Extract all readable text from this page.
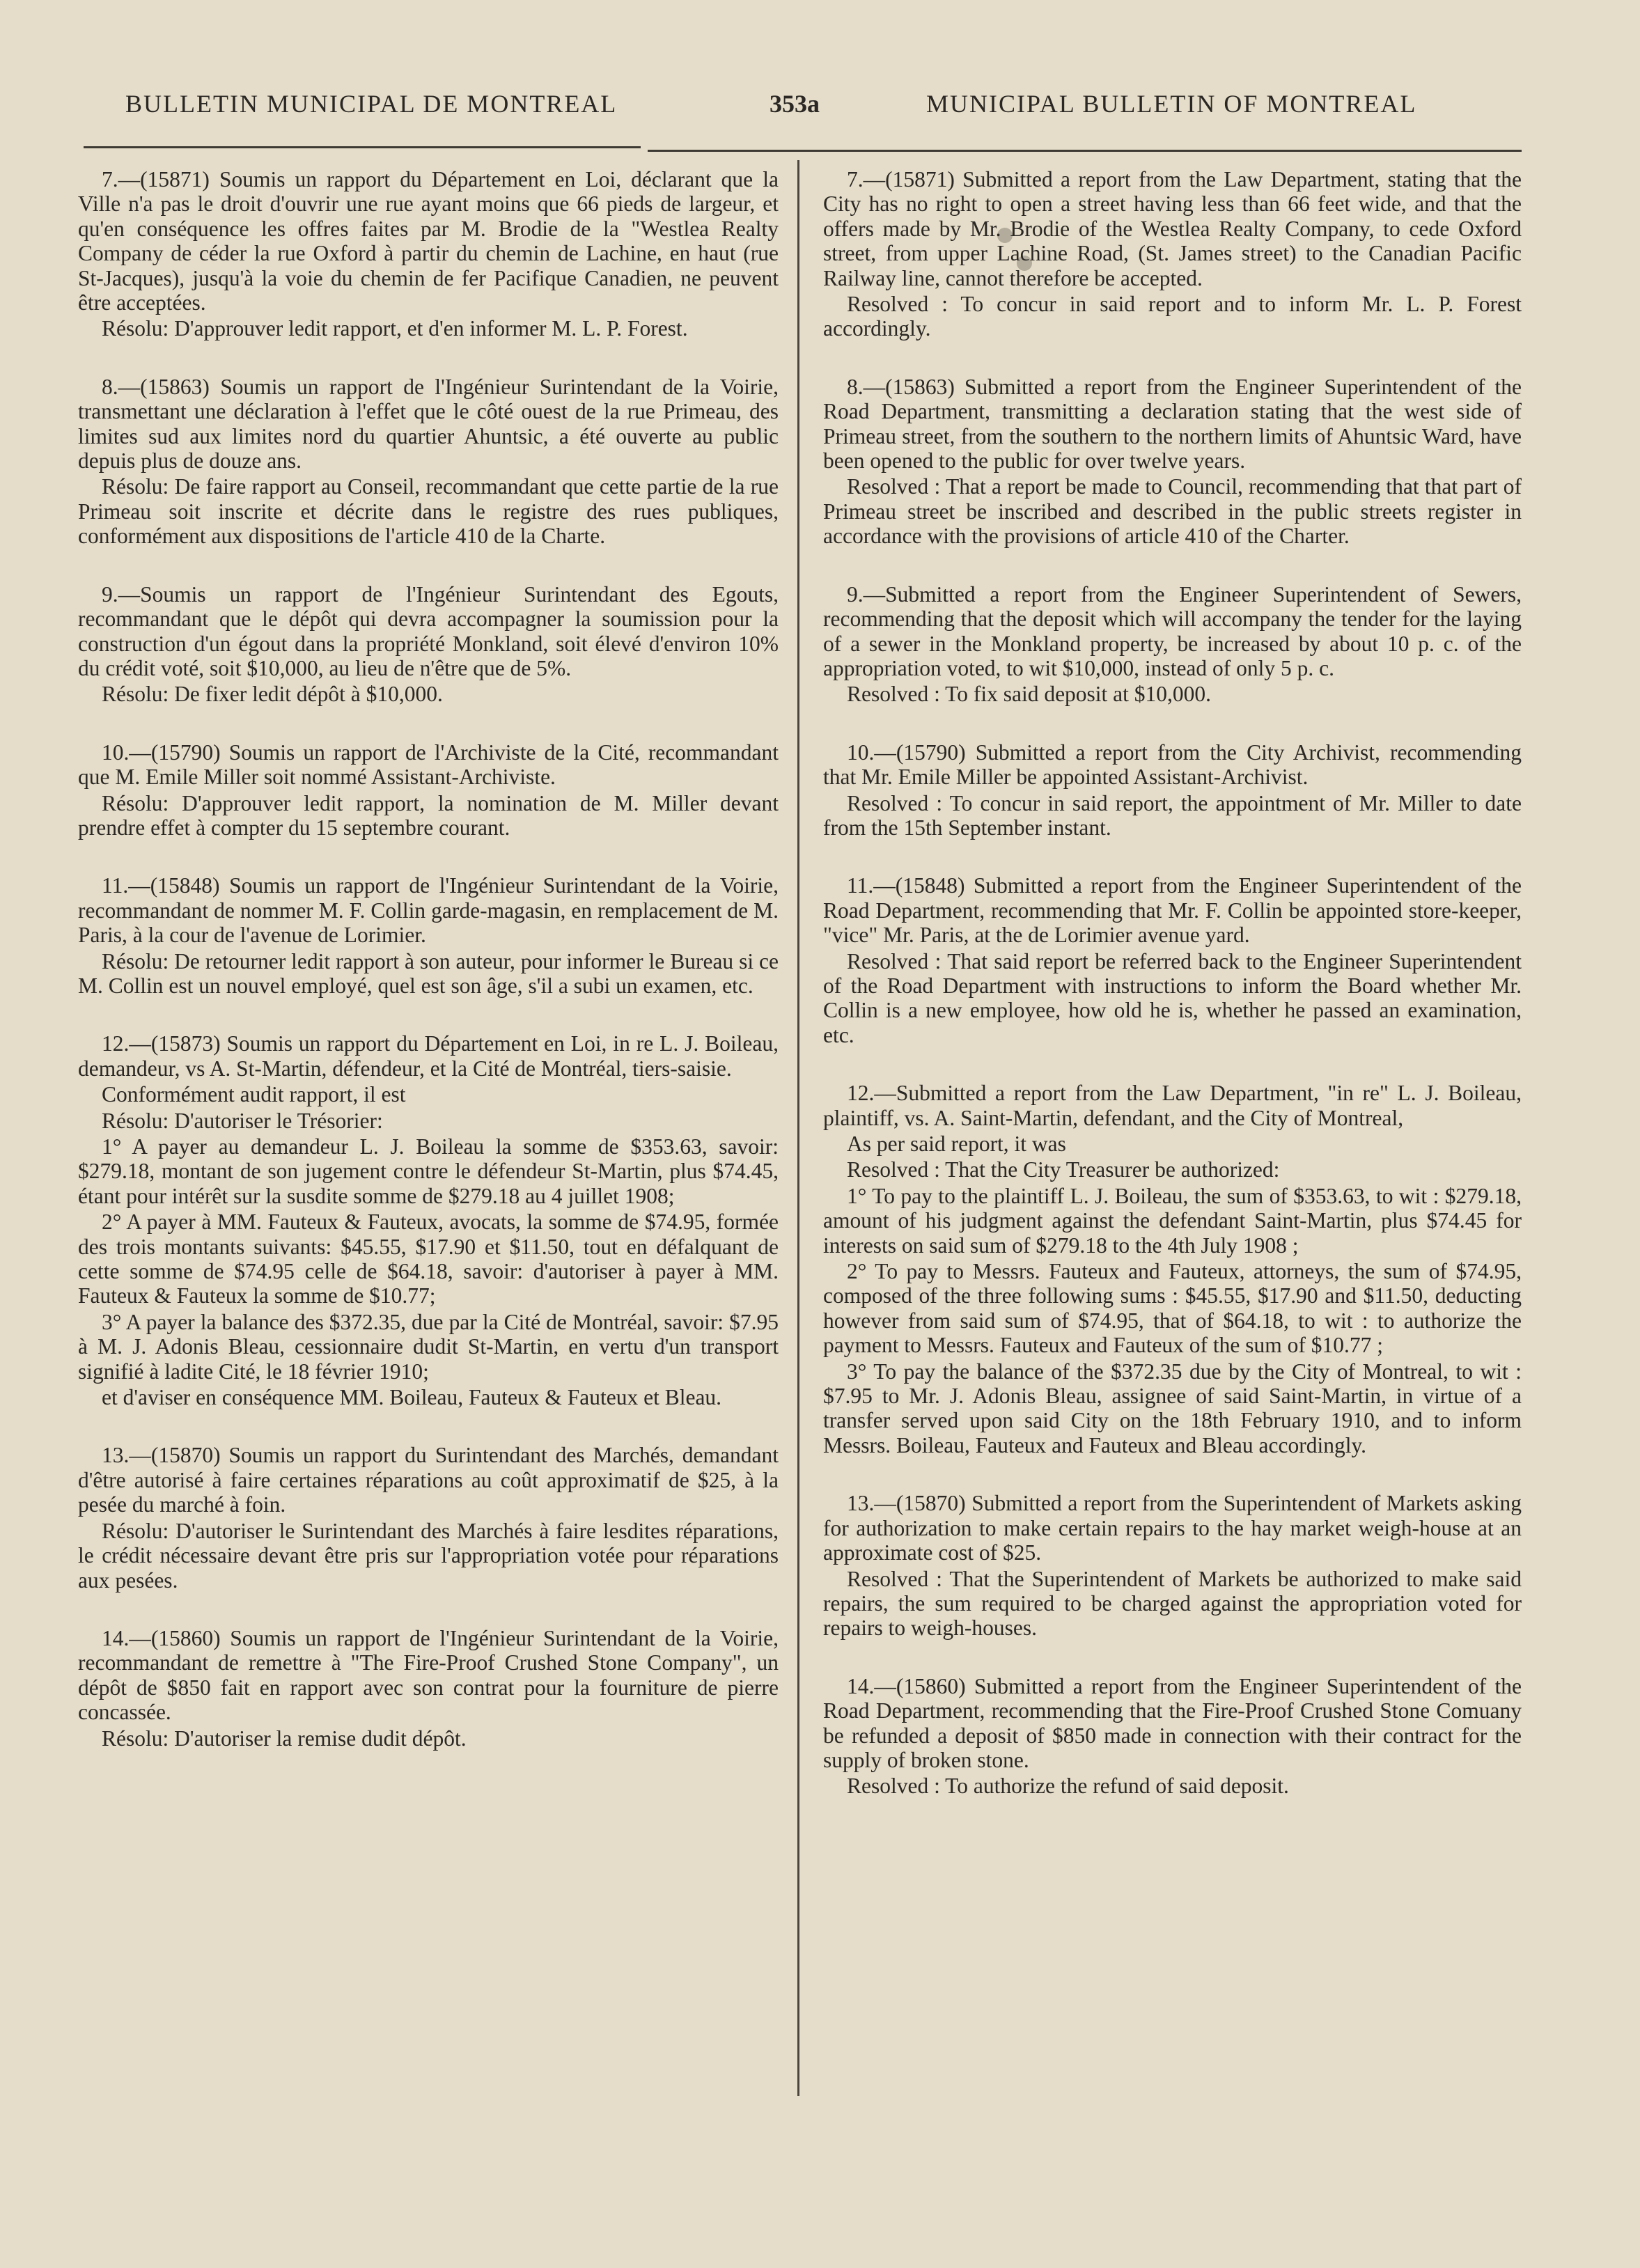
BULLETIN MUNICIPAL DE MONTREAL	353a	MUNICIPAL BULLETIN OF MONTREAL

7.—(15871) Soumis un rapport du Département en Loi, déclarant que la Ville n'a pas le droit d'ouvrir une rue ayant moins que 66 pieds de largeur, et qu'en conséquence les offres faites par M. Brodie de la "Westlea Realty Company de céder la rue Oxford à partir du chemin de Lachine, en haut (rue St-Jacques), jusqu'à la voie du chemin de fer Pacifique Canadien, ne peuvent être acceptées.

Résolu: D'approuver ledit rapport, et d'en informer M. L. P. Forest.

8.—(15863) Soumis un rapport de l'Ingénieur Surintendant de la Voirie, transmettant une déclaration à l'effet que le côté ouest de la rue Primeau, des limites sud aux limites nord du quartier Ahuntsic, a été ouverte au public depuis plus de douze ans.

Résolu: De faire rapport au Conseil, recommandant que cette partie de la rue Primeau soit inscrite et décrite dans le registre des rues publiques, conformément aux dispositions de l'article 410 de la Charte.

9.—Soumis un rapport de l'Ingénieur Surintendant des Egouts, recommandant que le dépôt qui devra accompagner la soumission pour la construction d'un égout dans la propriété Monkland, soit élevé d'environ 10% du crédit voté, soit $10,000, au lieu de n'être que de 5%.

Résolu: De fixer ledit dépôt à $10,000.

10.—(15790) Soumis un rapport de l'Archiviste de la Cité, recommandant que M. Emile Miller soit nommé Assistant-Archiviste.

Résolu: D'approuver ledit rapport, la nomination de M. Miller devant prendre effet à compter du 15 septembre courant.

11.—(15848) Soumis un rapport de l'Ingénieur Surintendant de la Voirie, recommandant de nommer M. F. Collin garde-magasin, en remplacement de M. Paris, à la cour de l'avenue de Lorimier.

Résolu: De retourner ledit rapport à son auteur, pour informer le Bureau si ce M. Collin est un nouvel employé, quel est son âge, s'il a subi un examen, etc.

12.—(15873) Soumis un rapport du Département en Loi, in re L. J. Boileau, demandeur, vs A. St-Martin, défendeur, et la Cité de Montréal, tiers-saisie.

Conformément audit rapport, il est

Résolu: D'autoriser le Trésorier:

1° A payer au demandeur L. J. Boileau la somme de $353.63, savoir: $279.18, montant de son jugement contre le défendeur St-Martin, plus $74.45, étant pour intérêt sur la susdite somme de $279.18 au 4 juillet 1908;

2° A payer à MM. Fauteux & Fauteux, avocats, la somme de $74.95, formée des trois montants suivants: $45.55, $17.90 et $11.50, tout en défalquant de cette somme de $74.95 celle de $64.18, savoir: d'autoriser à payer à MM. Fauteux & Fauteux la somme de $10.77;

3° A payer la balance des $372.35, due par la Cité de Montréal, savoir: $7.95 à M. J. Adonis Bleau, cessionnaire dudit St-Martin, en vertu d'un transport signifié à ladite Cité, le 18 février 1910;

et d'aviser en conséquence MM. Boileau, Fauteux & Fauteux et Bleau.

13.—(15870) Soumis un rapport du Surintendant des Marchés, demandant d'être autorisé à faire certaines réparations au coût approximatif de $25, à la pesée du marché à foin.

Résolu: D'autoriser le Surintendant des Marchés à faire lesdites réparations, le crédit nécessaire devant être pris sur l'appropriation votée pour réparations aux pesées.

14.—(15860) Soumis un rapport de l'Ingénieur Surintendant de la Voirie, recommandant de remettre à "The Fire-Proof Crushed Stone Company", un dépôt de $850 fait en rapport avec son contrat pour la fourniture de pierre concassée.

Résolu: D'autoriser la remise dudit dépôt.

7.—(15871) Submitted a report from the Law Department, stating that the City has no right to open a street having less than 66 feet wide, and that the offers made by Mr. Brodie of the Westlea Realty Company, to cede Oxford street, from upper Lachine Road, (St. James street) to the Canadian Pacific Railway line, cannot therefore be accepted.

Resolved : To concur in said report and to inform Mr. L. P. Forest accordingly.

8.—(15863) Submitted a report from the Engineer Superintendent of the Road Department, transmitting a declaration stating that the west side of Primeau street, from the southern to the northern limits of Ahuntsic Ward, have been opened to the public for over twelve years.

Resolved : That a report be made to Council, recommending that that part of Primeau street be inscribed and described in the public streets register in accordance with the provisions of article 410 of the Charter.

9.—Submitted a report from the Engineer Superintendent of Sewers, recommending that the deposit which will accompany the tender for the laying of a sewer in the Monkland property, be increased by about 10 p. c. of the appropriation voted, to wit $10,000, instead of only 5 p. c.

Resolved : To fix said deposit at $10,000.

10.—(15790) Submitted a report from the City Archivist, recommending that Mr. Emile Miller be appointed Assistant-Archivist.

Resolved : To concur in said report, the appointment of Mr. Miller to date from the 15th September instant.

11.—(15848) Submitted a report from the Engineer Superintendent of the Road Department, recommending that Mr. F. Collin be appointed store-keeper, "vice" Mr. Paris, at the de Lorimier avenue yard.

Resolved : That said report be referred back to the Engineer Superintendent of the Road Department with instructions to inform the Board whether Mr. Collin is a new employee, how old he is, whether he passed an examination, etc.

12.—Submitted a report from the Law Department, "in re" L. J. Boileau, plaintiff, vs. A. Saint-Martin, defendant, and the City of Montreal,

As per said report, it was

Resolved : That the City Treasurer be authorized:

1° To pay to the plaintiff L. J. Boileau, the sum of $353.63, to wit : $279.18, amount of his judgment against the defendant Saint-Martin, plus $74.45 for interests on said sum of $279.18 to the 4th July 1908 ;

2° To pay to Messrs. Fauteux and Fauteux, attorneys, the sum of $74.95, composed of the three following sums : $45.55, $17.90 and $11.50, deducting however from said sum of $74.95, that of $64.18, to wit : to authorize the payment to Messrs. Fauteux and Fauteux of the sum of $10.77 ;

3° To pay the balance of the $372.35 due by the City of Montreal, to wit : $7.95 to Mr. J. Adonis Bleau, assignee of said Saint-Martin, in virtue of a transfer served upon said City on the 18th February 1910, and to inform Messrs. Boileau, Fauteux and Fauteux and Bleau accordingly.

13.—(15870) Submitted a report from the Superintendent of Markets asking for authorization to make certain repairs to the hay market weigh-house at an approximate cost of $25.

Resolved : That the Superintendent of Markets be authorized to make said repairs, the sum required to be charged against the appropriation voted for repairs to weigh-houses.

14.—(15860) Submitted a report from the Engineer Superintendent of the Road Department, recommending that the Fire-Proof Crushed Stone Comuany be refunded a deposit of $850 made in connection with their contract for the supply of broken stone.

Resolved : To authorize the refund of said deposit.
